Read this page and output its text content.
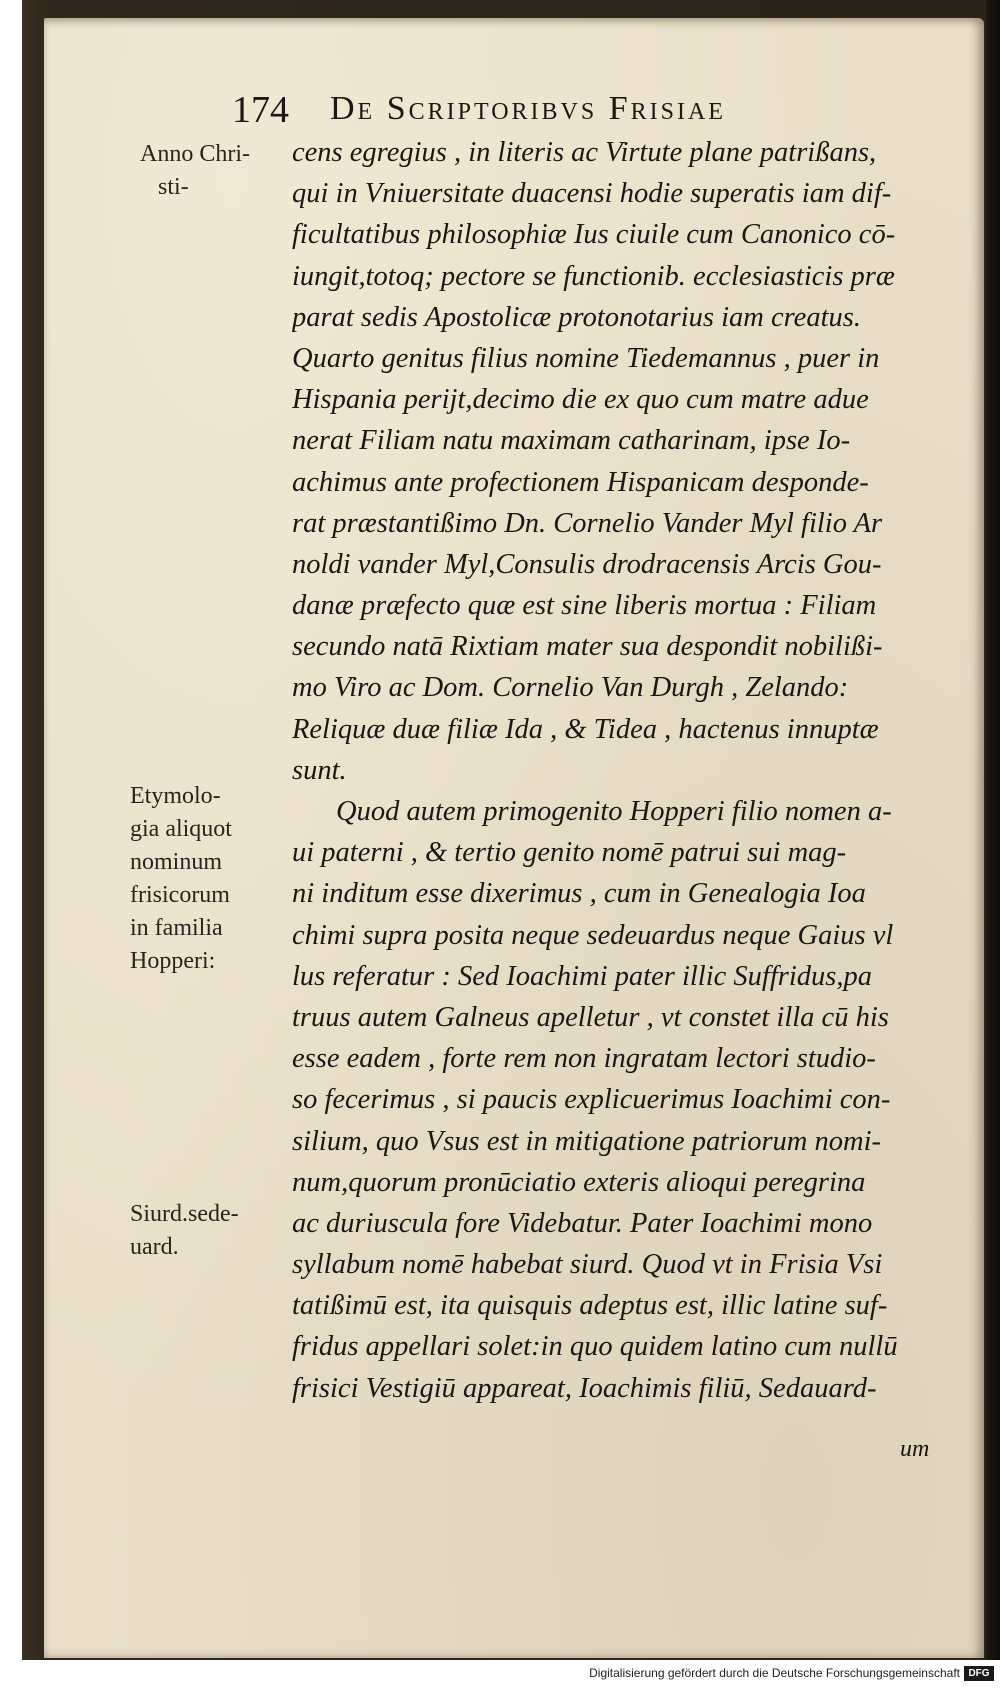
174 De Scriptoribvs Frisiae
Anno Chri-
sti-
Etymolo-
gia aliquot
nominum
frisicorum
in familia
Hopperi:
Siurd.sede-
uard.
cens egregius , in literis ac Virtute plane patrißans,
qui in Vniuersitate duacensi hodie superatis iam dif-
ficultatibus philosophiæ Ius ciuile cum Canonico cō-
iungit,totoq; pectore se functionib. ecclesiasticis præ
parat sedis Apostolicæ protonotarius iam creatus.
Quarto genitus filius nomine Tiedemannus , puer in
Hispania perijt,decimo die ex quo cum matre adue
nerat Filiam natu maximam catharinam, ipse Io-
achimus ante profectionem Hispanicam desponde-
rat præstantißimo Dn. Cornelio Vander Myl filio Ar
noldi vander Myl,Consulis drodracensis Arcis Gou-
danæ præfecto quæ est sine liberis mortua : Filiam
secundo natā Rixtiam mater sua despondit nobilißi-
mo Viro ac Dom. Cornelio Van Durgh , Zelando:
Reliquæ duæ filiæ Ida , & Tidea , hactenus innuptæ
sunt.
Quod autem primogenito Hopperi filio nomen a-
ui paterni , & tertio genito nomē patrui sui mag-
ni inditum esse dixerimus , cum in Genealogia Ioa
chimi supra posita neque sedeuardus neque Gaius vl
lus referatur : Sed Ioachimi pater illic Suffridus,pa
truus autem Galneus apelletur , vt constet illa cū his
esse eadem , forte rem non ingratam lectori studio-
so fecerimus , si paucis explicuerimus Ioachimi con-
silium, quo Vsus est in mitigatione patriorum nomi-
num,quorum pronūciatio exteris alioqui peregrina
ac duriuscula fore Videbatur. Pater Ioachimi mono
syllabum nomē habebat siurd. Quod vt in Frisia Vsi
tatißimū est, ita quisquis adeptus est, illic latine suf-
fridus appellari solet:in quo quidem latino cum nullū
frisici Vestigiū appareat, Ioachimis filiū, Sedauard-
um
Digitalisierung gefördert durch die Deutsche Forschungsgemeinschaft DFG
